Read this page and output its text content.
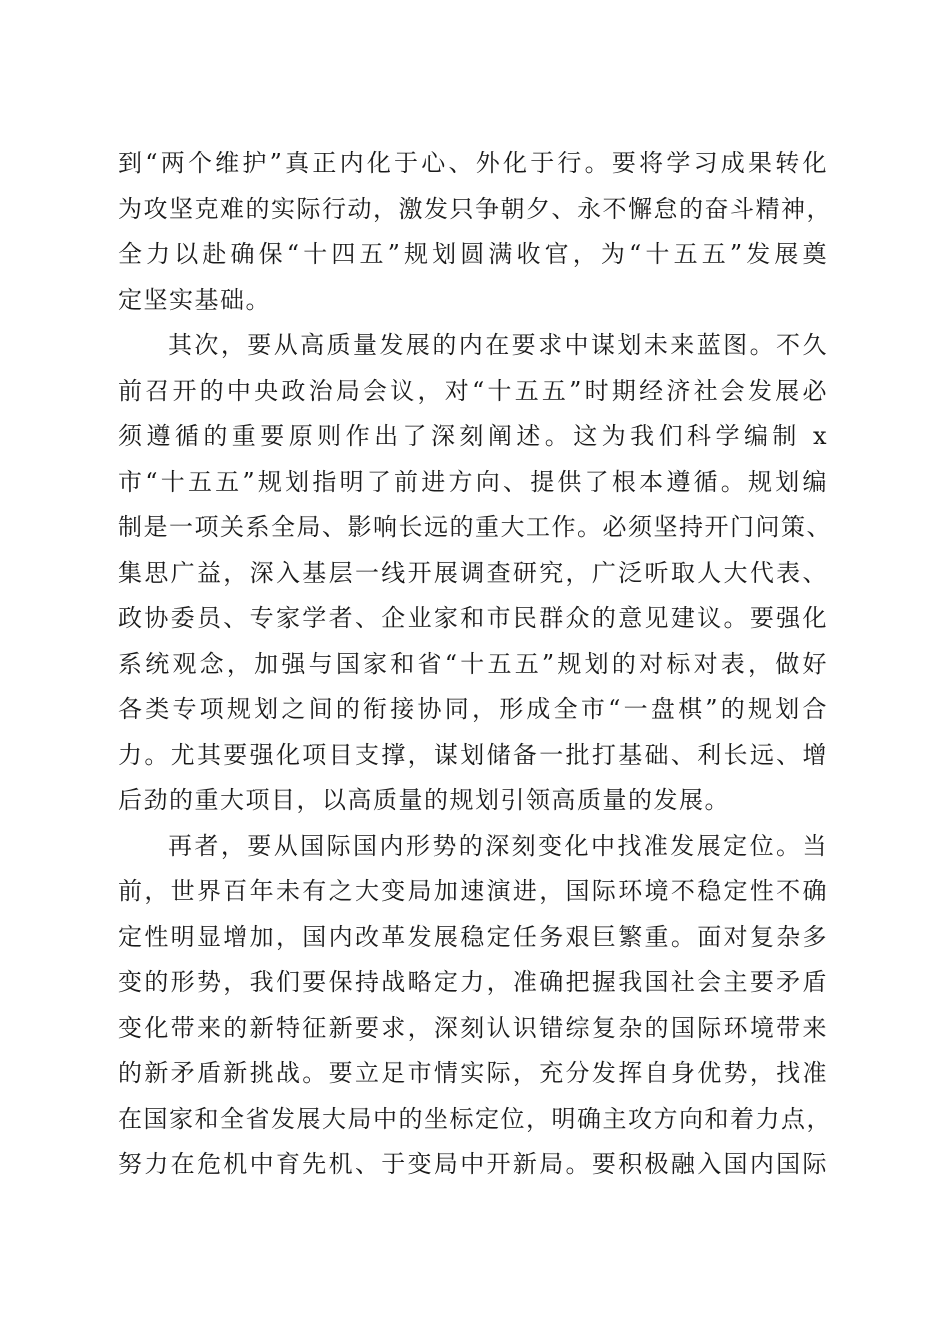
到“两个维护”真正内化于心、外化于行。要将学习成果转化
为攻坚克难的实际行动，激发只争朝夕、永不懈怠的奋斗精神，
全力以赴确保“十四五”规划圆满收官，为“十五五”发展奠
定坚实基础。
其次，要从高质量发展的内在要求中谋划未来蓝图。不久
前召开的中央政治局会议，对“十五五”时期经济社会发展必
须遵循的重要原则作出了深刻阐述。这为我们科学编制 x
市“十五五”规划指明了前进方向、提供了根本遵循。规划编
制是一项关系全局、影响长远的重大工作。必须坚持开门问策、
集思广益，深入基层一线开展调查研究，广泛听取人大代表、
政协委员、专家学者、企业家和市民群众的意见建议。要强化
系统观念，加强与国家和省“十五五”规划的对标对表，做好
各类专项规划之间的衔接协同，形成全市“一盘棋”的规划合
力。尤其要强化项目支撑，谋划储备一批打基础、利长远、增
后劲的重大项目，以高质量的规划引领高质量的发展。
再者，要从国际国内形势的深刻变化中找准发展定位。当
前，世界百年未有之大变局加速演进，国际环境不稳定性不确
定性明显增加，国内改革发展稳定任务艰巨繁重。面对复杂多
变的形势，我们要保持战略定力，准确把握我国社会主要矛盾
变化带来的新特征新要求，深刻认识错综复杂的国际环境带来
的新矛盾新挑战。要立足市情实际，充分发挥自身优势，找准
在国家和全省发展大局中的坐标定位，明确主攻方向和着力点，
努力在危机中育先机、于变局中开新局。要积极融入国内国际
